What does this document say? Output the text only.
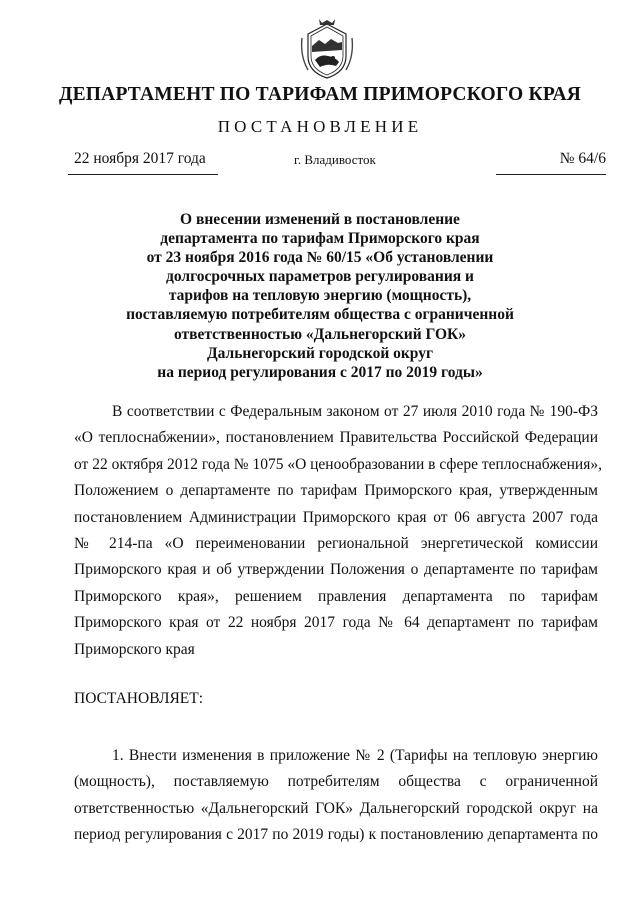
ДЕПАРТАМЕНТ ПО ТАРИФАМ ПРИМОРСКОГО КРАЯ
ПОСТАНОВЛЕНИЕ
22 ноября 2017 года	г. Владивосток	№ 64/6
О внесении изменений в постановление
департамента по тарифам Приморского края
от 23 ноября 2016 года № 60/15 «Об установлении
долгосрочных параметров регулирования и
тарифов на тепловую энергию (мощность),
поставляемую потребителям общества с ограниченной
ответственностью «Дальнегорский ГОК»
Дальнегорский городской округ
на период регулирования с 2017 по 2019 годы»
В соответствии с Федеральным законом от 27 июля 2010 года № 190-ФЗ
«О теплоснабжении», постановлением Правительства Российской Федерации
от 22 октября 2012 года № 1075 «О ценообразовании в сфере теплоснабжения»,
Положением о департаменте по тарифам Приморского края, утвержденным
постановлением Администрации Приморского края от 06 августа 2007 года
№ 214-па «О переименовании региональной энергетической комиссии
Приморского края и об утверждении Положения о департаменте по тарифам
Приморского края», решением правления департамента по тарифам
Приморского края от 22 ноября 2017 года № 64 департамент по тарифам
Приморского края
ПОСТАНОВЛЯЕТ:
1. Внести изменения в приложение № 2 (Тарифы на тепловую энергию
(мощность), поставляемую потребителям общества с ограниченной
ответственностью «Дальнегорский ГОК» Дальнегорский городской округ на
период регулирования с 2017 по 2019 годы) к постановлению департамента по
